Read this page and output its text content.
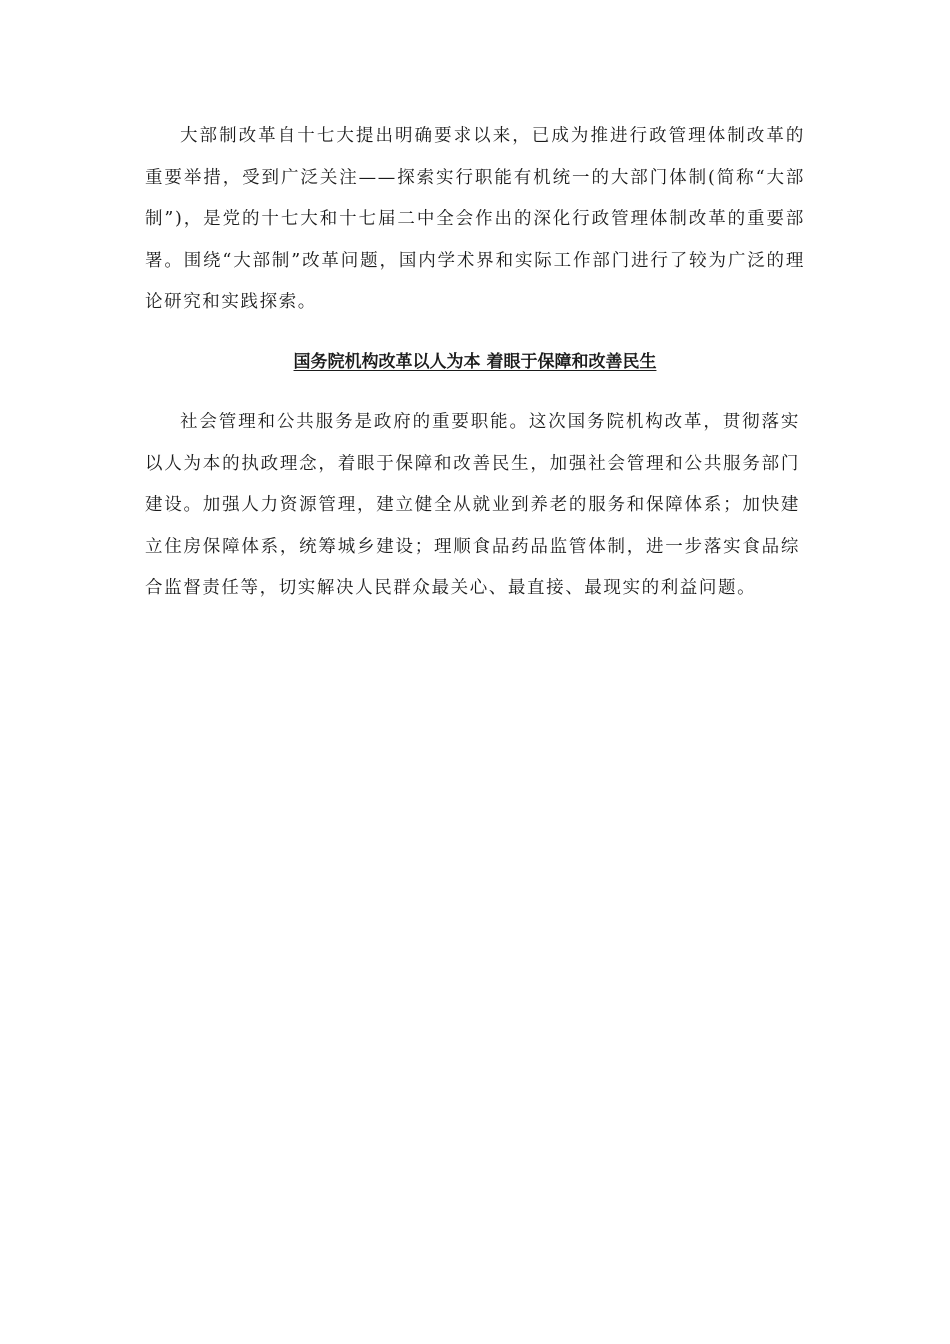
大部制改革自十七大提出明确要求以来，已成为推进行政管理体制改革的重要举措，受到广泛关注——探索实行职能有机统一的大部门体制(简称“大部制”)，是党的十七大和十七届二中全会作出的深化行政管理体制改革的重要部署。围绕“大部制”改革问题，国内学术界和实际工作部门进行了较为广泛的理论研究和实践探索。

国务院机构改革以人为本 着眼于保障和改善民生

社会管理和公共服务是政府的重要职能。这次国务院机构改革，贯彻落实以人为本的执政理念，着眼于保障和改善民生，加强社会管理和公共服务部门建设。加强人力资源管理，建立健全从就业到养老的服务和保障体系；加快建立住房保障体系，统筹城乡建设；理顺食品药品监管体制，进一步落实食品综合监督责任等，切实解决人民群众最关心、最直接、最现实的利益问题。
